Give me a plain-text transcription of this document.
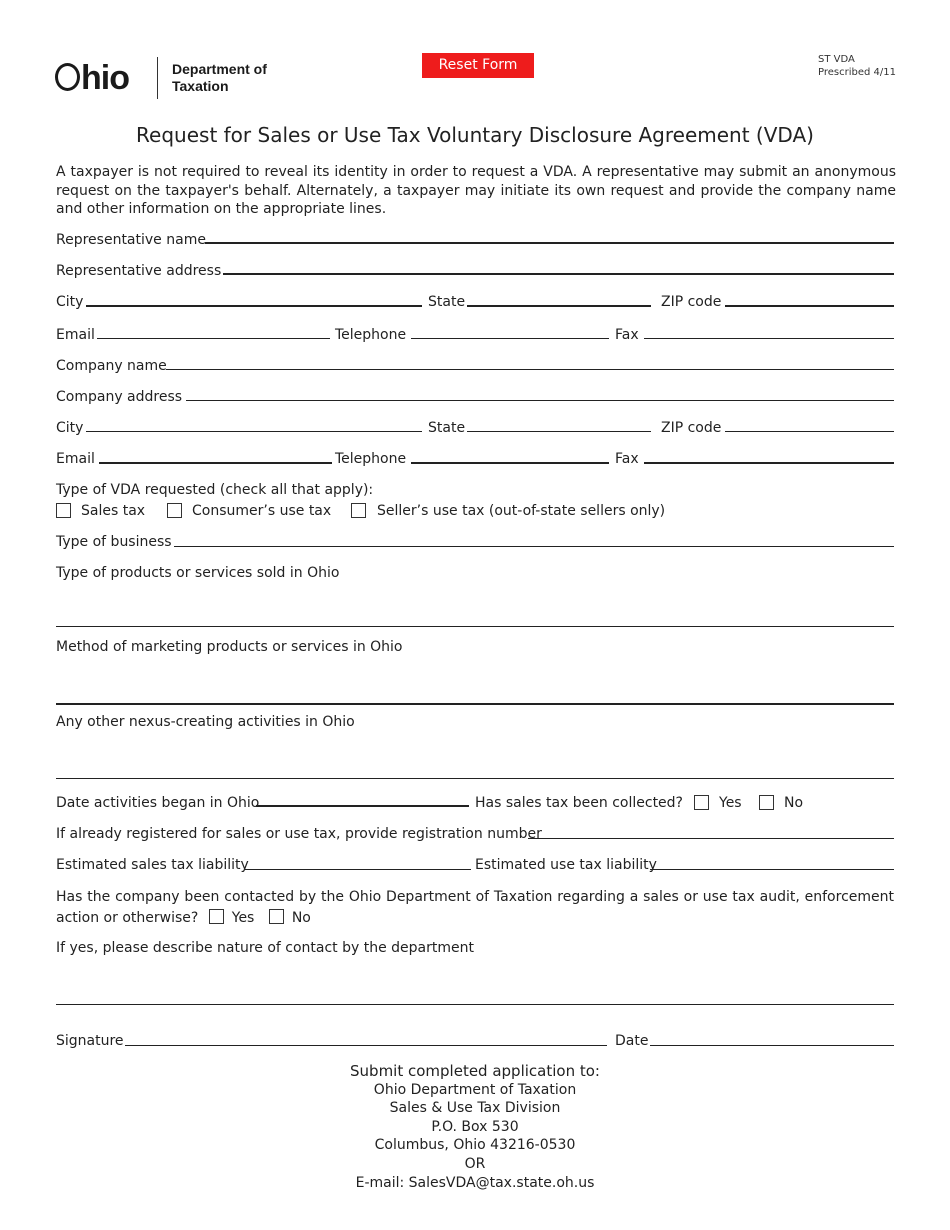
hio	Department of
Taxation
Reset Form	ST VDA
Prescribed 4/11
Request for Sales or Use Tax Voluntary Disclosure Agreement (VDA)
A taxpayer is not required to reveal its identity in order to request a VDA. A representative may submit an anonymous request on the taxpayer's behalf. Alternately, a taxpayer may initiate its own request and provide the company name and other information on the appropriate lines.
Representative name
Representative address
City	State	ZIP code
Email	Telephone	Fax
Company name
Company address
City	State	ZIP code
Email	Telephone	Fax
Type of VDA requested (check all that apply):
Sales tax	Consumer’s use tax	Seller’s use tax (out-of-state sellers only)
Type of business
Type of products or services sold in Ohio
Method of marketing products or services in Ohio
Any other nexus-creating activities in Ohio
Date activities began in Ohio	Has sales tax been collected?	Yes	No
If already registered for sales or use tax, provide registration number
Estimated sales tax liability	Estimated use tax liability
Has the company been contacted by the Ohio Department of Taxation regarding a sales or use tax audit, enforcement action or otherwise? Yes	No
If yes, please describe nature of contact by the department
Signature	Date
Submit completed application to:
Ohio Department of Taxation
Sales & Use Tax Division
P.O. Box 530
Columbus, Ohio 43216-0530
OR
E-mail: SalesVDA@tax.state.oh.us
